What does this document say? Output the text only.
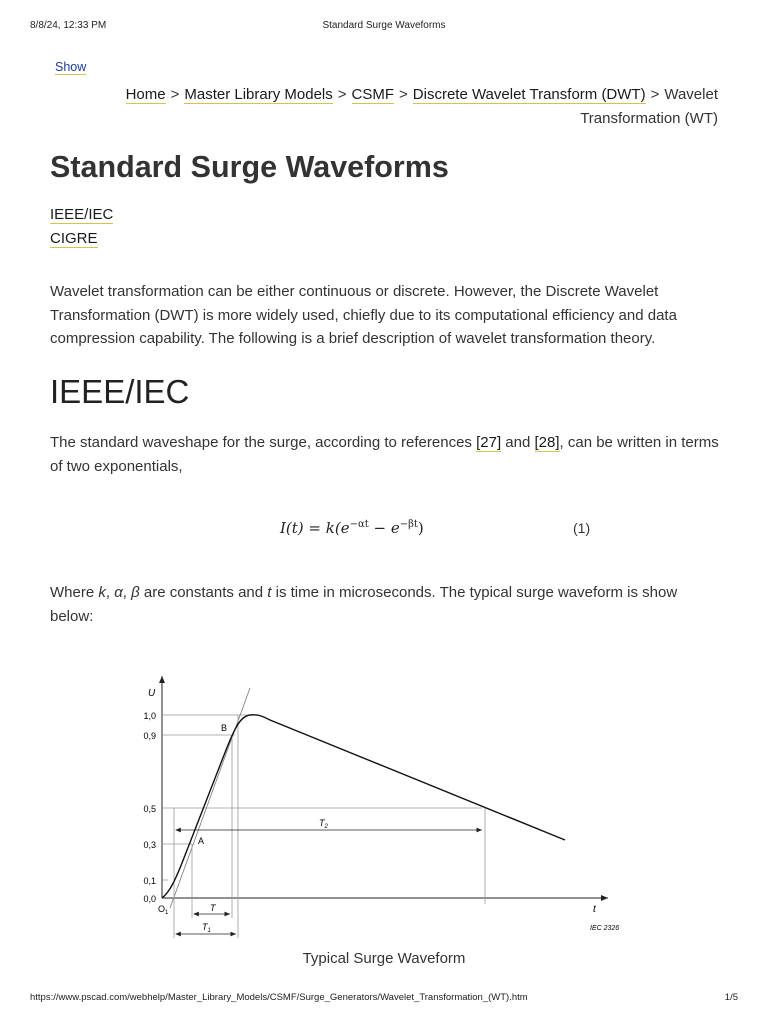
8/8/24, 12:33 PM	Standard Surge Waveforms
Show
Home > Master Library Models > CSMF > Discrete Wavelet Transform (DWT) > Wavelet
Transformation (WT)
Standard Surge Waveforms
IEEE/IEC
CIGRE

Wavelet transformation can be either continuous or discrete. However, the Discrete Wavelet Transformation (DWT) is more widely used, chiefly due to its computational efficiency and data compression capability. The following is a brief description of wavelet transformation theory.

IEEE/IEC

The standard waveshape for the surge, according to references [27] and [28], can be written in terms of two exponentials,

$I(t) = k(e^{-\alpha t} - e^{-\beta t})$	(1)

Where k, α, β are constants and t is time in microseconds. The typical surge waveform is show below:

U
t
1,0
0,9
0,5
0,3
0,1
0,0
B
A
$O_1$
$T_2$
T
$T_1$	IEC 2326
Typical Surge Waveform
https://www.pscad.com/webhelp/Master_Library_Models/CSMF/Surge_Generators/Wavelet_Transformation_(WT).htm	1/5
